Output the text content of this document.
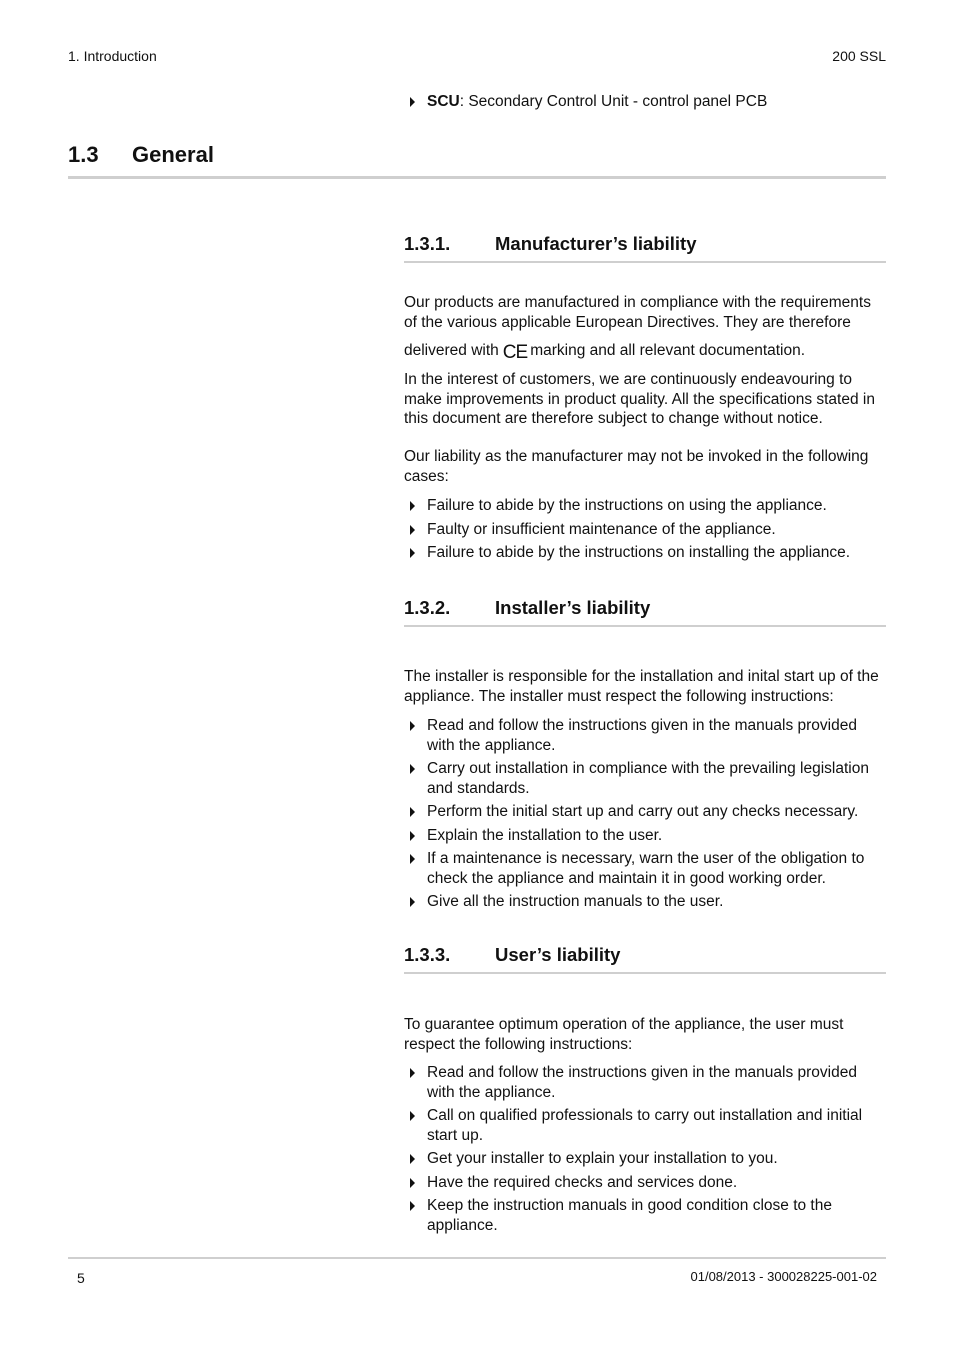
1. Introduction	200 SSL
SCU: Secondary Control Unit - control panel PCB
1.3 General
1.3.1. Manufacturer’s liability

Our products are manufactured in compliance with the requirements of the various applicable European Directives. They are therefore

delivered with CE marking and all relevant documentation.

In the interest of customers, we are continuously endeavouring to make improvements in product quality. All the specifications stated in this document are therefore subject to change without notice.

Our liability as the manufacturer may not be invoked in the following cases:

Failure to abide by the instructions on using the appliance.
Faulty or insufficient maintenance of the appliance.
Failure to abide by the instructions on installing the appliance.
1.3.2. Installer’s liability

The installer is responsible for the installation and inital start up of the appliance. The installer must respect the following instructions:

Read and follow the instructions given in the manuals provided with the appliance.
Carry out installation in compliance with the prevailing legislation and standards.
Perform the initial start up and carry out any checks necessary.
Explain the installation to the user.
If a maintenance is necessary, warn the user of the obligation to check the appliance and maintain it in good working order.
Give all the instruction manuals to the user.
1.3.3. User’s liability

To guarantee optimum operation of the appliance, the user must respect the following instructions:

Read and follow the instructions given in the manuals provided with the appliance.
Call on qualified professionals to carry out installation and initial start up.
Get your installer to explain your installation to you.
Have the required checks and services done.
Keep the instruction manuals in good condition close to the appliance.
5	01/08/2013 - 300028225-001-02
